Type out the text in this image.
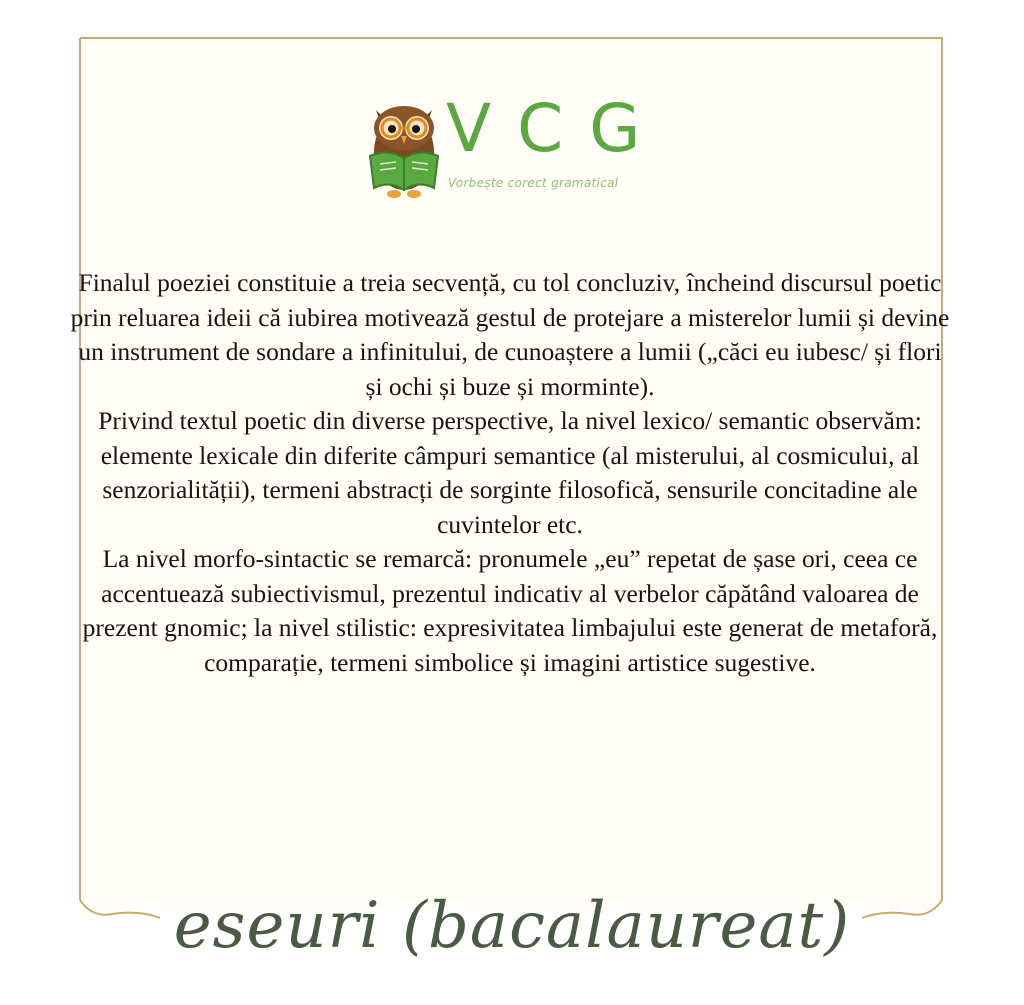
VCG
Vorbește corect gramatical

Finalul poeziei constituie a treia secvență, cu tol concluziv, încheind discursul poetic prin reluarea ideii că iubirea motivează gestul de protejare a misterelor lumii și devine un instrument de sondare a infinitului, de cunoaștere a lumii („căci eu iubesc/ și flori și ochi și buze și morminte).

Privind textul poetic din diverse perspective, la nivel lexico/ semantic observăm: elemente lexicale din diferite câmpuri semantice (al misterului, al cosmicului, al senzorialității), termeni abstracți de sorginte filosofică, sensurile concitadine ale cuvintelor etc.

La nivel morfo-sintactic se remarcă: pronumele „eu” repetat de șase ori, ceea ce accentuează subiectivismul, prezentul indicativ al verbelor căpătând valoarea de prezent gnomic; la nivel stilistic: expresivitatea limbajului este generat de metaforă, comparație, termeni simbolice și imagini artistice sugestive.

eseuri (bacalaureat)
